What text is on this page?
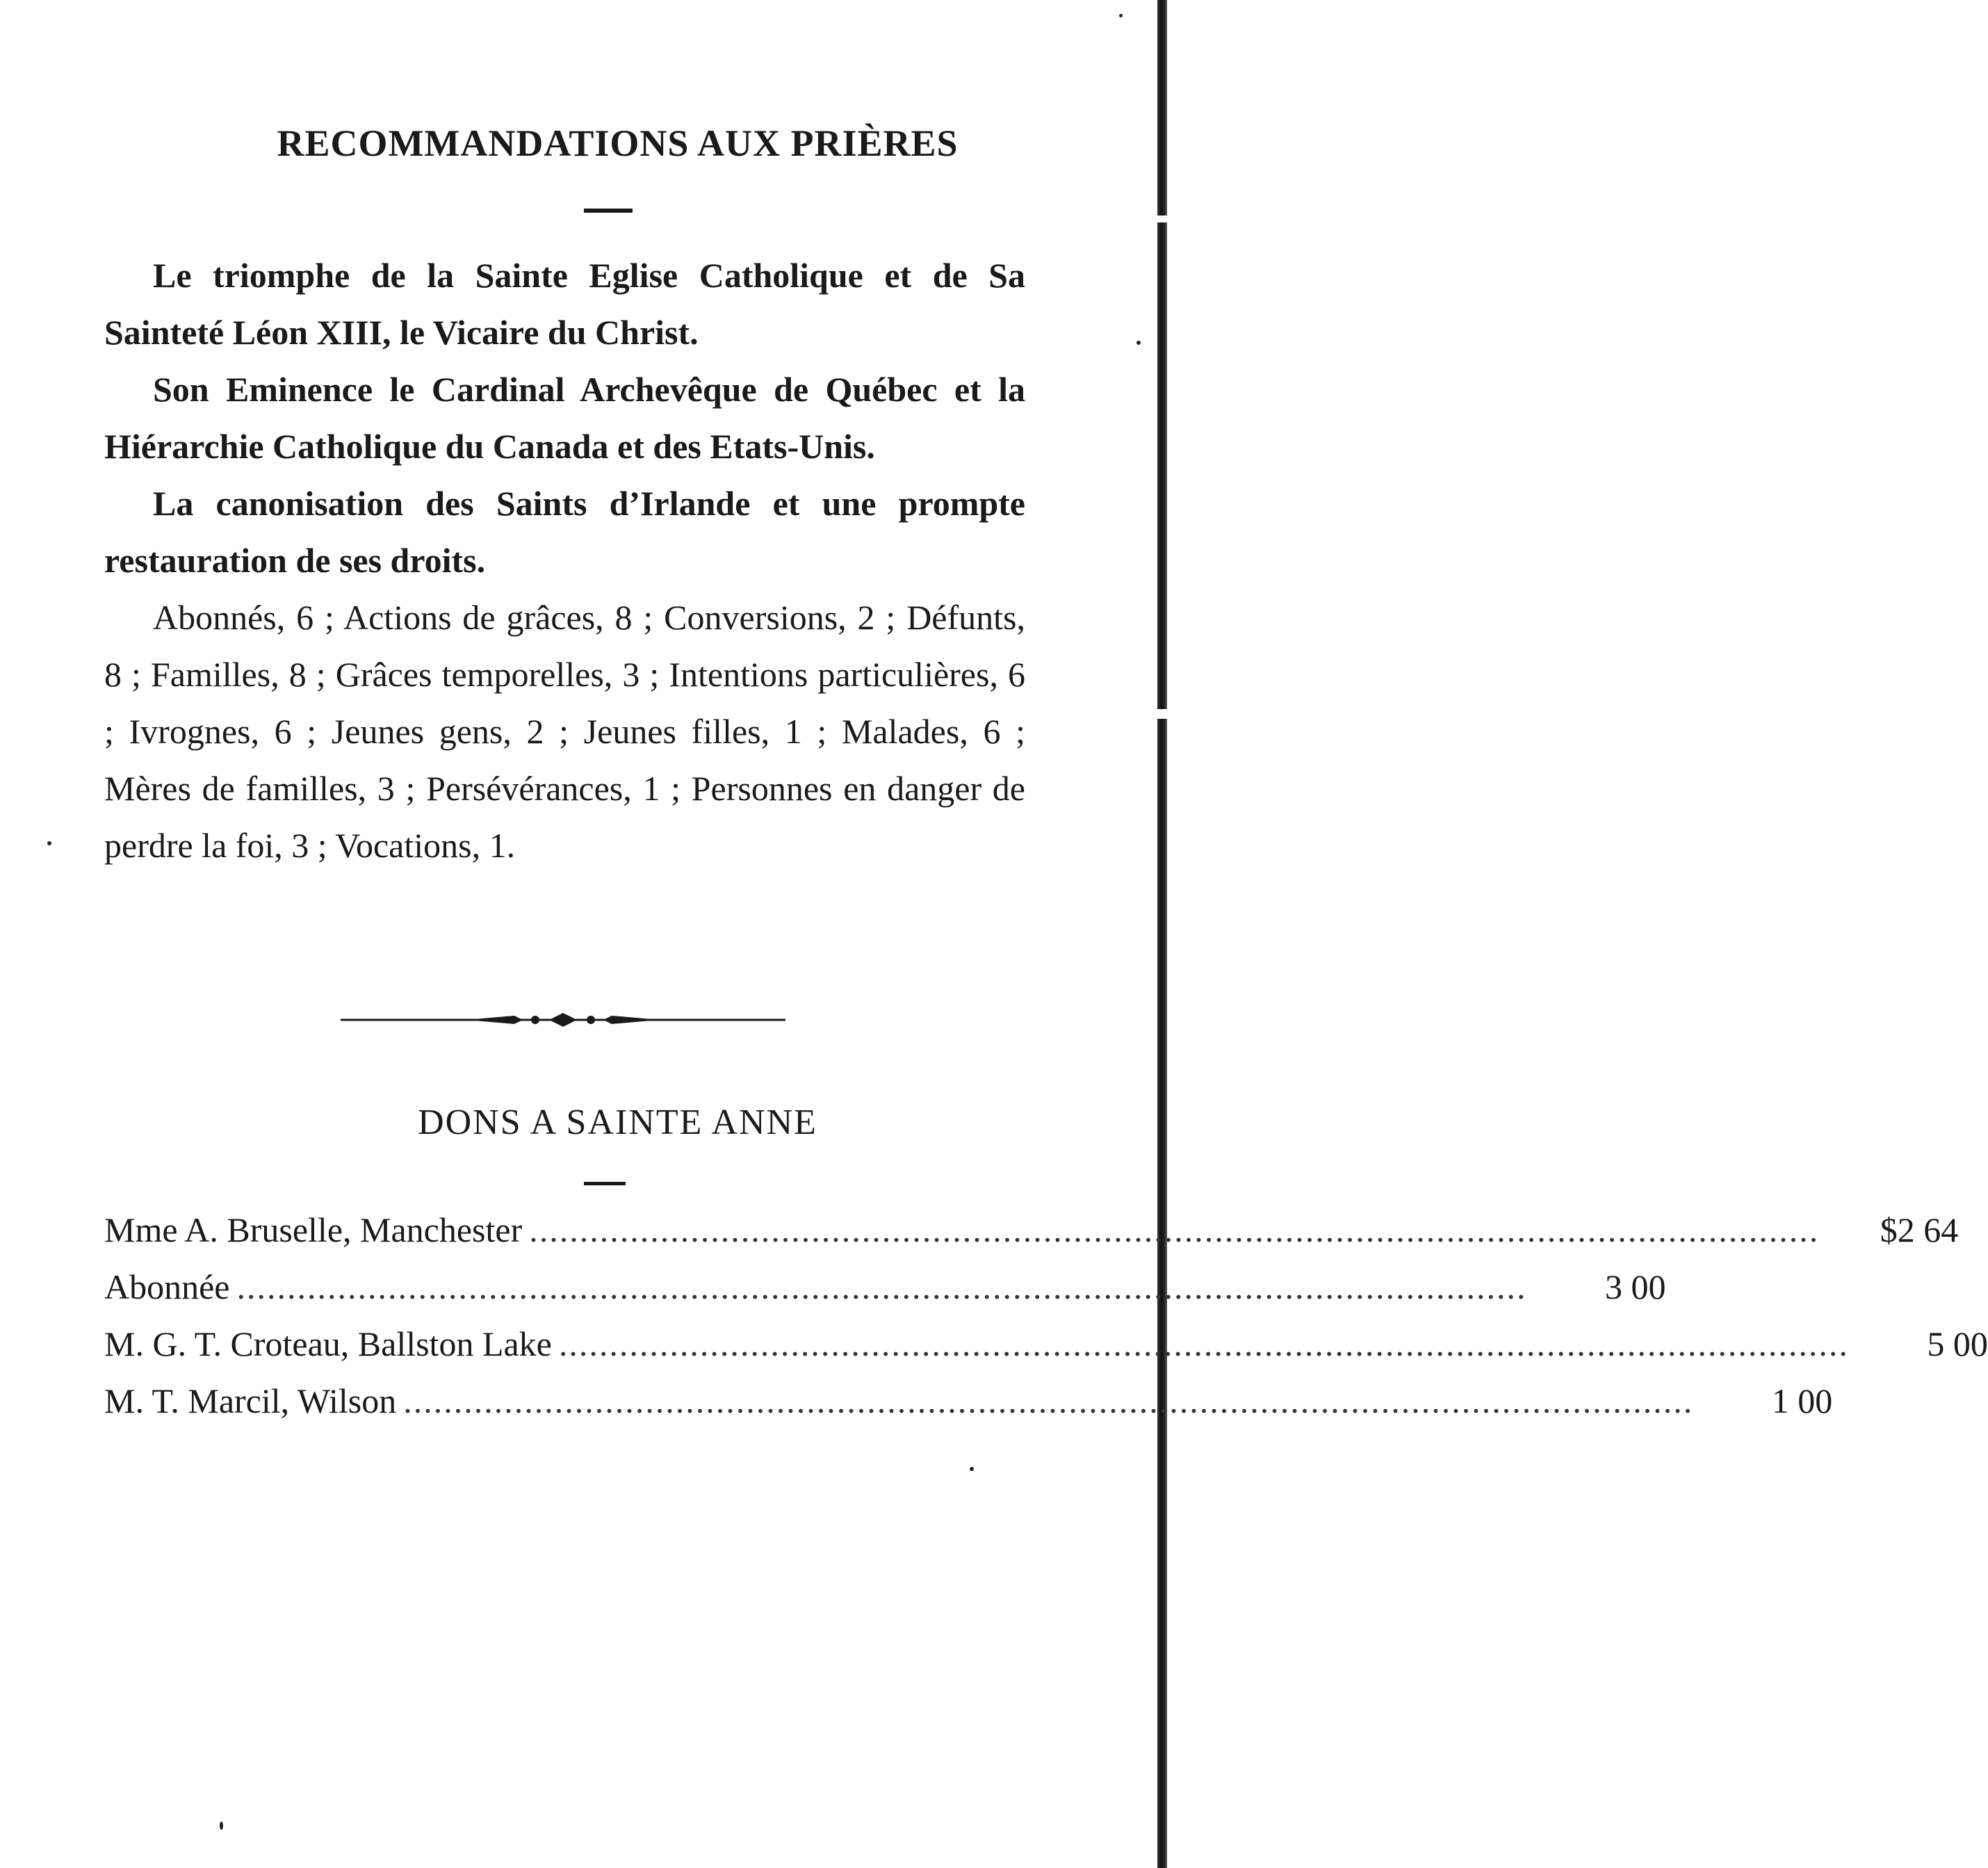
RECOMMANDATIONS AUX PRIÈRES

Le triomphe de la Sainte Eglise Catholique et de Sa Sainteté Léon XIII, le Vicaire du Christ.

Son Eminence le Cardinal Archevêque de Québec et la Hiérarchie Catholique du Canada et des Etats-Unis.

La canonisation des Saints d’Irlande et une prompte restauration de ses droits.

Abonnés, 6 ; Actions de grâces, 8 ; Conversions, 2 ; Défunts, 8 ; Familles, 8 ; Grâces temporelles, 3 ; Intentions particulières, 6 ; Ivrognes, 6 ; Jeunes gens, 2 ; Jeunes filles, 1 ; Malades, 6 ; Mères de familles, 3 ; Persévérances, 1 ; Personnes en danger de perdre la foi, 3 ; Vocations, 1.

DONS A SAINTE ANNE
Mme A. Bruselle, Manchester ................................................................................................................................	$2 64
Abonnée ................................................................................................................................	3 00
M. G. T. Croteau, Ballston Lake ................................................................................................................................	5 00
M. T. Marcil, Wilson ................................................................................................................................	1 00
